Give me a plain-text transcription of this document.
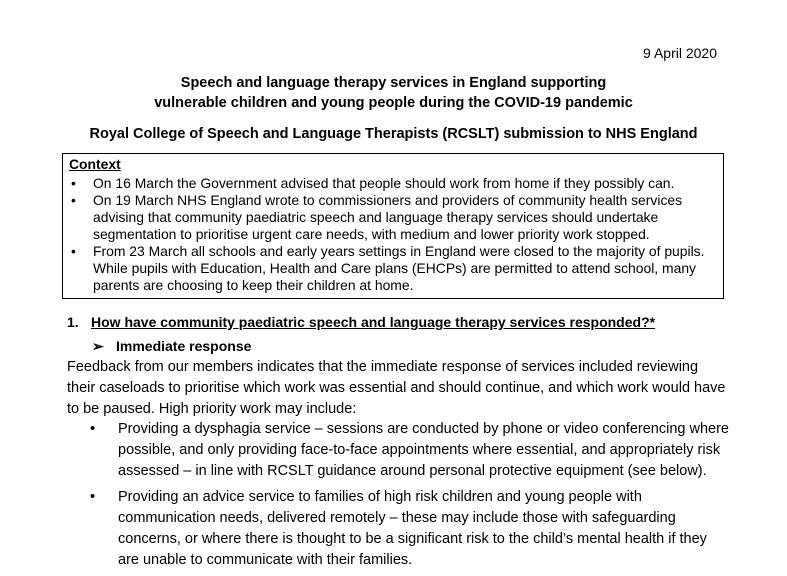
9 April 2020
Speech and language therapy services in England supporting
vulnerable children and young people during the COVID-19 pandemic
Royal College of Speech and Language Therapists (RCSLT) submission to NHS England
Context
• On 16 March the Government advised that people should work from home if they possibly can.
• On 19 March NHS England wrote to commissioners and providers of community health services advising that community paediatric speech and language therapy services should undertake segmentation to prioritise urgent care needs, with medium and lower priority work stopped.
• From 23 March all schools and early years settings in England were closed to the majority of pupils. While pupils with Education, Health and Care plans (EHCPs) are permitted to attend school, many parents are choosing to keep their children at home.
1. How have community paediatric speech and language therapy services responded?*
➢ Immediate response

Feedback from our members indicates that the immediate response of services included reviewing their caseloads to prioritise which work was essential and should continue, and which work would have to be paused. High priority work may include:

• Providing a dysphagia service – sessions are conducted by phone or video conferencing where possible, and only providing face-to-face appointments where essential, and appropriately risk assessed – in line with RCSLT guidance around personal protective equipment (see below).
• Providing an advice service to families of high risk children and young people with communication needs, delivered remotely – these may include those with safeguarding concerns, or where there is thought to be a significant risk to the child’s mental health if they are unable to communicate with their families.
